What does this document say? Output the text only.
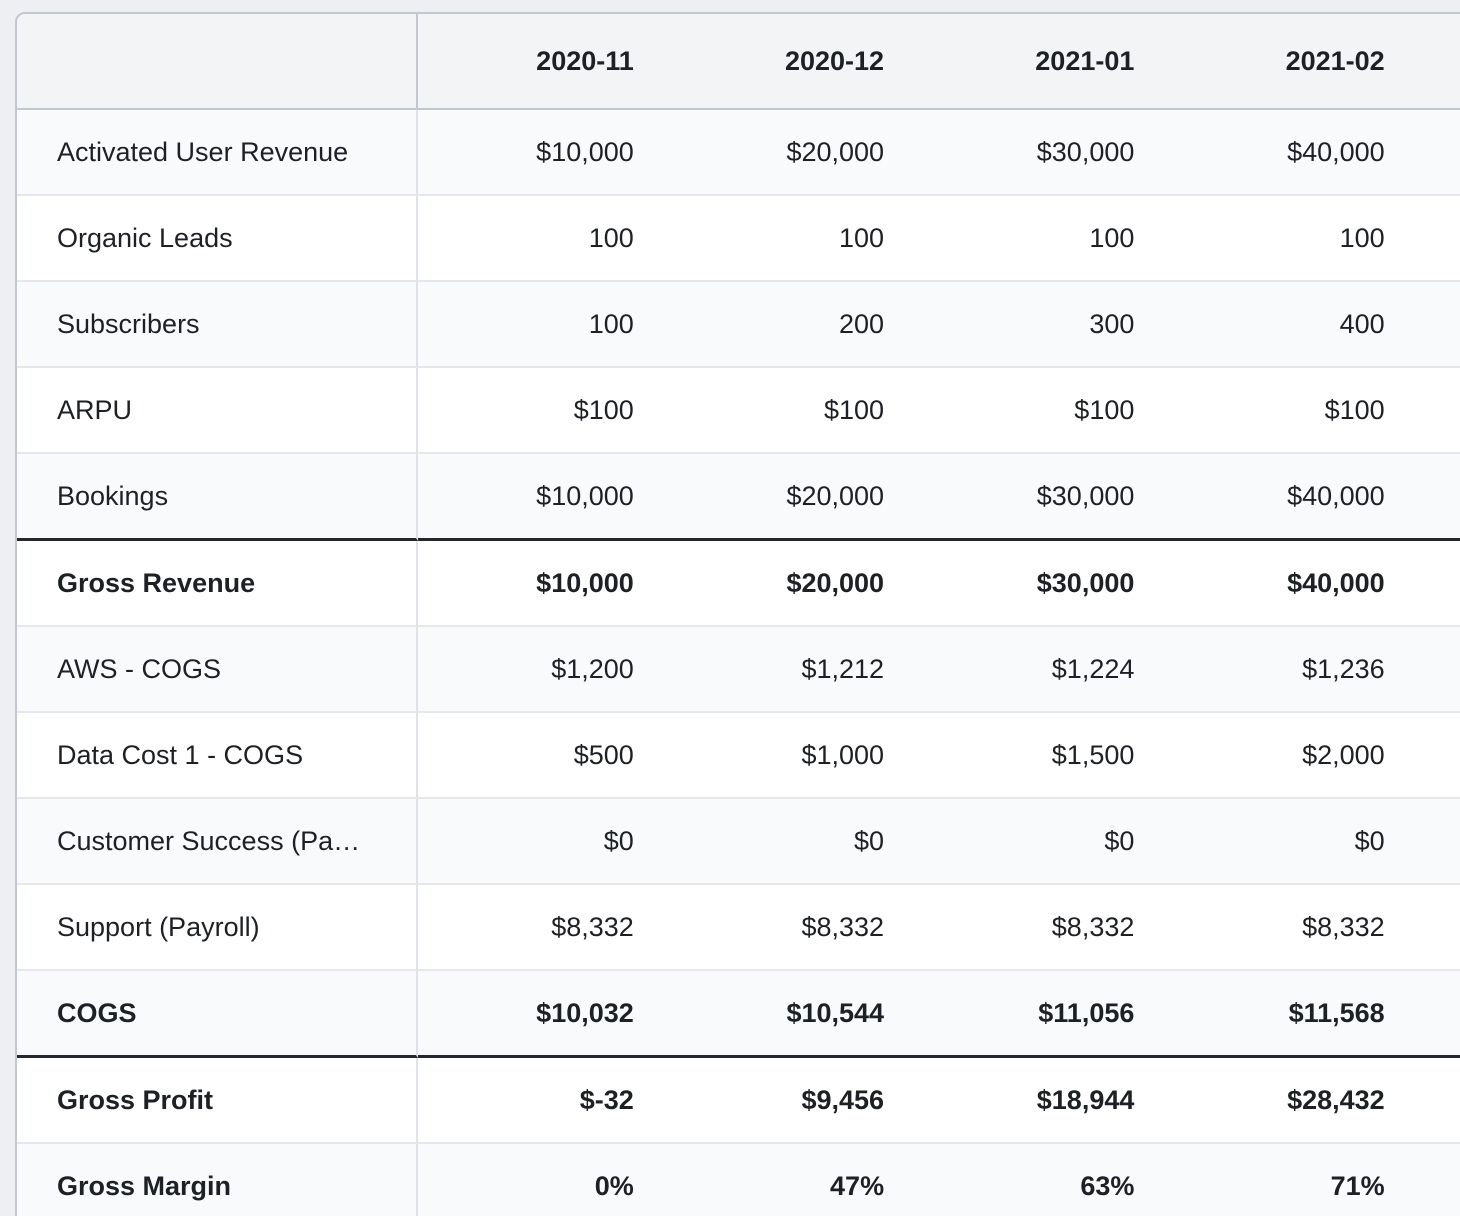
	2020-11	2020-12	2021-01	2021-02	
Activated User Revenue	$10,000	$20,000	$30,000	$40,000	
Organic Leads	100	100	100	100	
Subscribers	100	200	300	400	
ARPU	$100	$100	$100	$100	
Bookings	$10,000	$20,000	$30,000	$40,000	
Gross Revenue	$10,000	$20,000	$30,000	$40,000	
AWS - COGS	$1,200	$1,212	$1,224	$1,236	
Data Cost 1 - COGS	$500	$1,000	$1,500	$2,000	
Customer Success (Pa…	$0	$0	$0	$0	
Support (Payroll)	$8,332	$8,332	$8,332	$8,332	
COGS	$10,032	$10,544	$11,056	$11,568	
Gross Profit	$-32	$9,456	$18,944	$28,432	
Gross Margin	0%	47%	63%	71%	
